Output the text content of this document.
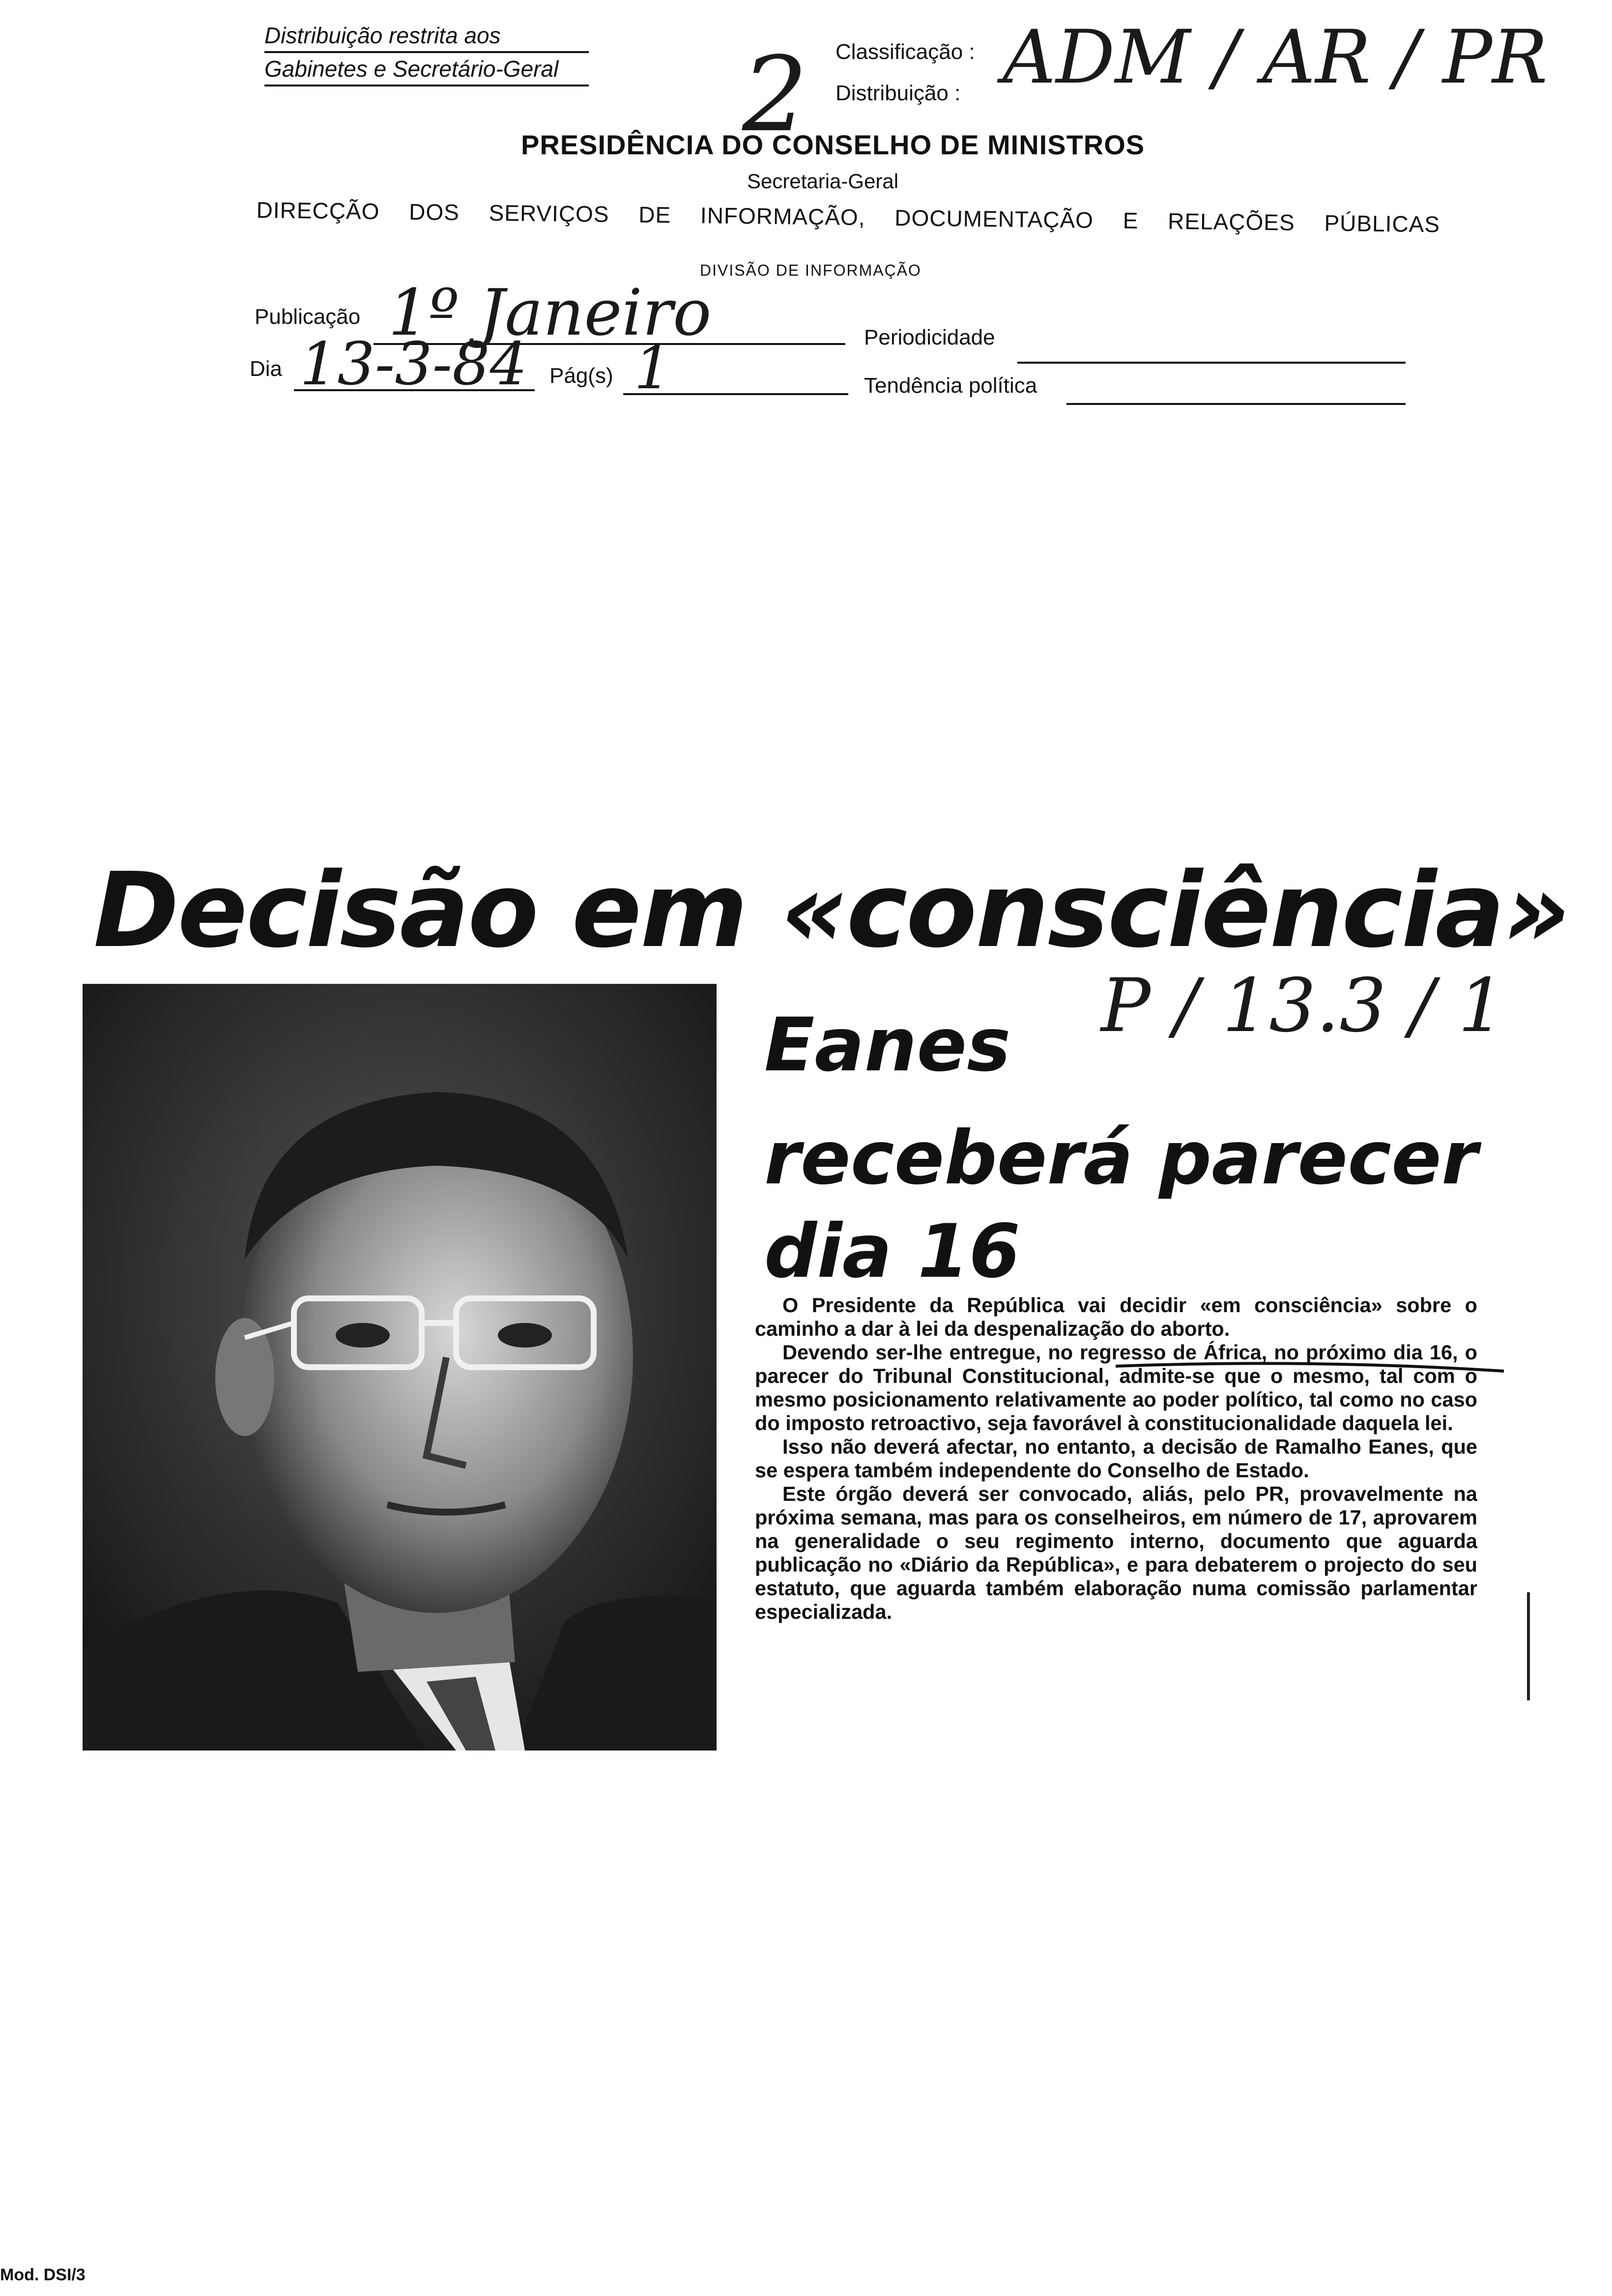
Distribuição restrita aos
Gabinetes e Secretário-Geral
Classificação :
Distribuição : ADM / AR / PR
2
PRESIDÊNCIA DO CONSELHO DE MINISTROS
Secretaria-Geral
DIRECÇÃO DOS SERVIÇOS DE INFORMAÇÃO, DOCUMENTAÇÃO E RELAÇÕES PÚBLICAS
DIVISÃO DE INFORMAÇÃO
Publicação 1º Janeiro	Periodicidade
Dia 13-3-84 Pág(s) 1	Tendência política
Decisão em «consciência»
P / 13.3 / 1
Eanes
receberá parecer
dia 16

O Presidente da República vai decidir «em consciência» sobre o caminho a dar à lei da despenalização do aborto.

Devendo ser-lhe entregue, no regresso de África, no próximo dia 16, o parecer do Tribunal Constitucional, admite-se que o mesmo, tal com o mesmo posicionamento relativamente ao poder político, tal como no caso do imposto retroactivo, seja favorável à constitucionalidade daquela lei.

Isso não deverá afectar, no entanto, a decisão de Ramalho Eanes, que se espera também independente do Conselho de Estado.

Este órgão deverá ser convocado, aliás, pelo PR, provavelmente na próxima semana, mas para os conselheiros, em número de 17, aprovarem na generalidade o seu regimento interno, documento que aguarda publicação no «Diário da República», e para debaterem o projecto do seu estatuto, que aguarda também elaboração numa comissão parlamentar especializada.

Mod. DSI/3
